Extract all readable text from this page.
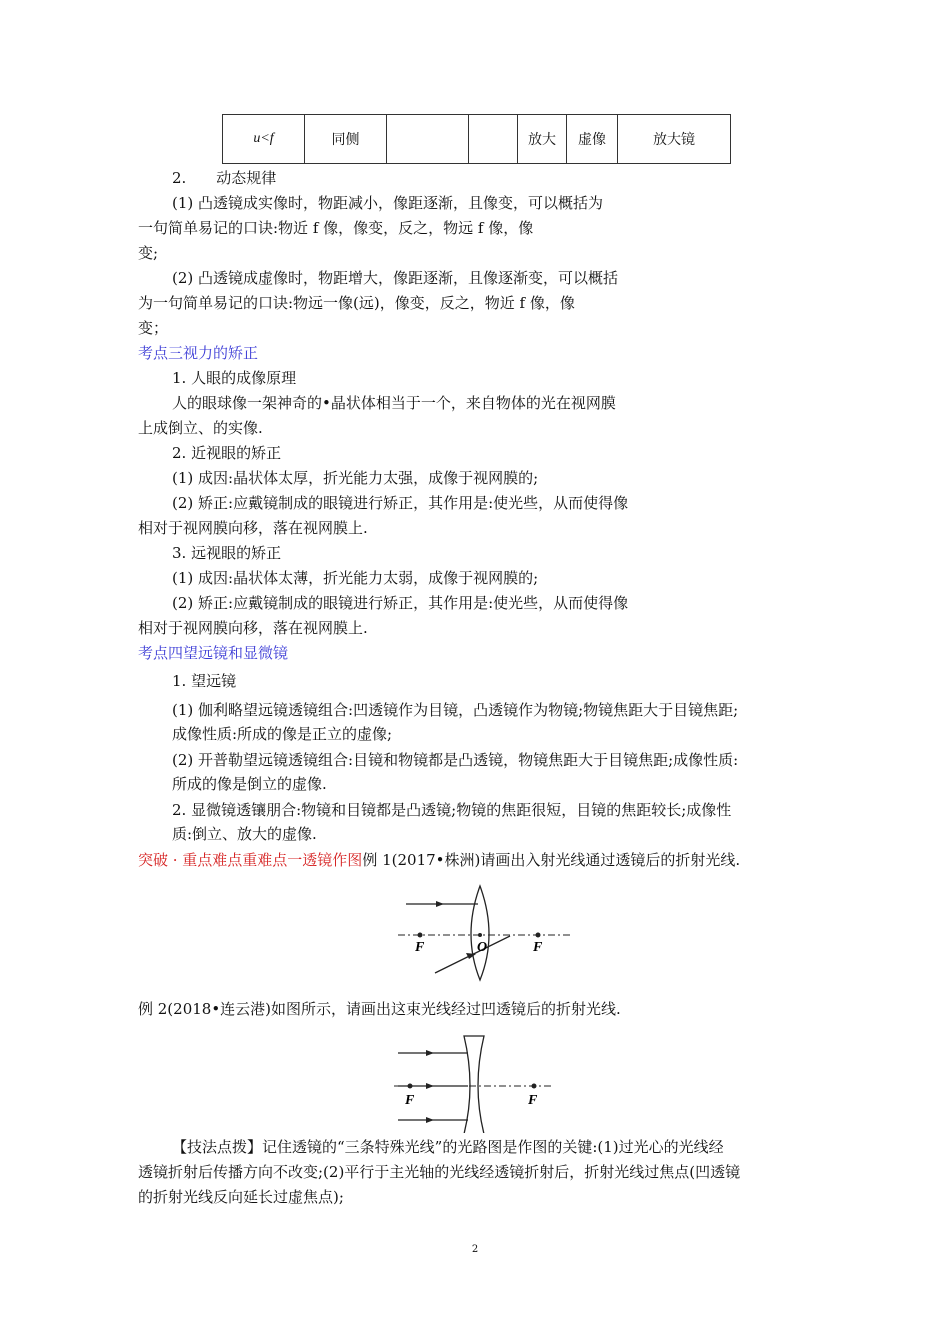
u<f	同侧			放大	虚像	放大镜
2.　　动态规律
(1) 凸透镜成实像时，物距减小，像距逐渐，且像变，可以概括为
一句简单易记的口诀:物近 f 像，像变，反之，物远 f 像，像
变;
(2) 凸透镜成虚像时，物距增大，像距逐渐，且像逐渐变，可以概括
为一句简单易记的口诀:物远一像(远)，像变，反之，物近 f 像，像
变；
考点三视力的矫正
1. 人眼的成像原理
人的眼球像一架神奇的•晶状体相当于一个，来自物体的光在视网膜
上成倒立、的实像.
2. 近视眼的矫正
(1) 成因:晶状体太厚，折光能力太强，成像于视网膜的;
(2) 矫正:应戴镜制成的眼镜进行矫正，其作用是:使光些，从而使得像
相对于视网膜向移，落在视网膜上.
3. 远视眼的矫正
(1) 成因:晶状体太薄，折光能力太弱，成像于视网膜的;
(2) 矫正:应戴镜制成的眼镜进行矫正，其作用是:使光些，从而使得像
相对于视网膜向移，落在视网膜上.
考点四望远镜和显微镜
1. 望远镜
(1) 伽利略望远镜透镜组合:凹透镜作为目镜，凸透镜作为物镜;物镜焦距大于目镜焦距;
成像性质:所成的像是正立的虚像;
(2) 开普勒望远镜透镜组合:目镜和物镜都是凸透镜，物镜焦距大于目镜焦距;成像性质:
所成的像是倒立的虚像.
2. 显微镜透镶朋合:物镜和目镜都是凸透镜;物镜的焦距很短，目镜的焦距较长;成像性
质:倒立、放大的虚像.
突破 · 重点难点重难点一透镜作图例 1(2017•株洲)请画出入射光线通过透镜后的折射光线.
F	O	F
例 2(2018•连云港)如图所示，请画出这束光线经过凹透镜后的折射光线.
F	F
【技法点拨】记住透镜的“三条特殊光线”的光路图是作图的关键:(1)过光心的光线经
透镜折射后传播方向不改变;(2)平行于主光轴的光线经透镜折射后，折射光线过焦点(凹透镜
的折射光线反向延长过虚焦点);
2
